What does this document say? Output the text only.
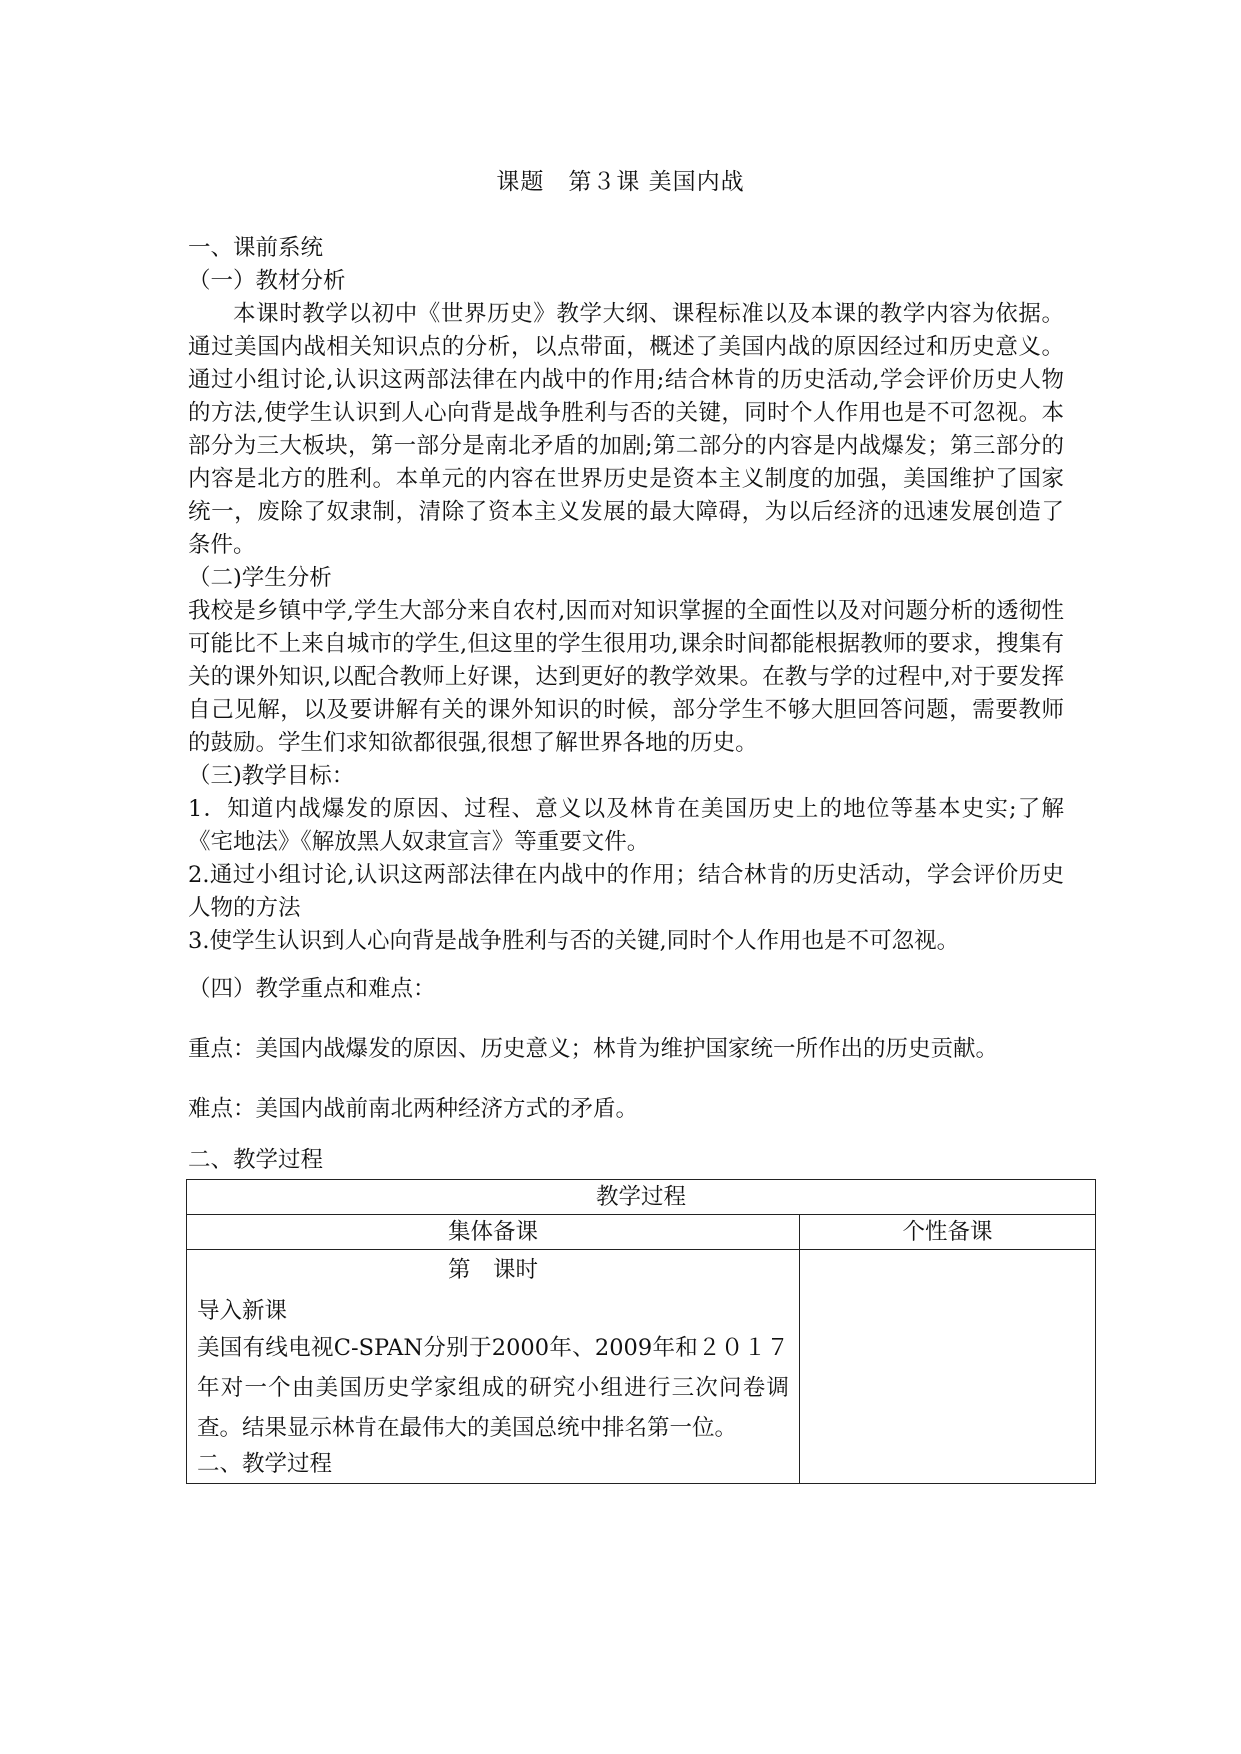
课题　第３课 美国内战

一、课前系统

（一）教材分析

本课时教学以初中《世界历史》教学大纲、课程标准以及本课的教学内容为依据。通过美国内战相关知识点的分析，以点带面，概述了美国内战的原因经过和历史意义。通过小组讨论,认识这两部法律在内战中的作用;结合林肯的历史活动,学会评价历史人物的方法,使学生认识到人心向背是战争胜利与否的关键，同时个人作用也是不可忽视。本部分为三大板块，第一部分是南北矛盾的加剧;第二部分的内容是内战爆发；第三部分的内容是北方的胜利。本单元的内容在世界历史是资本主义制度的加强，美国维护了国家统一，废除了奴隶制，清除了资本主义发展的最大障碍，为以后经济的迅速发展创造了条件。

（二)学生分析

我校是乡镇中学,学生大部分来自农村,因而对知识掌握的全面性以及对问题分析的透彻性可能比不上来自城市的学生,但这里的学生很用功,课余时间都能根据教师的要求，搜集有关的课外知识,以配合教师上好课，达到更好的教学效果。在教与学的过程中,对于要发挥自己见解，以及要讲解有关的课外知识的时候，部分学生不够大胆回答问题，需要教师的鼓励。学生们求知欲都很强,很想了解世界各地的历史。

（三)教学目标：

1．知道内战爆发的原因、过程、意义以及林肯在美国历史上的地位等基本史实;了解《宅地法》《解放黑人奴隶宣言》等重要文件。

2.通过小组讨论,认识这两部法律在内战中的作用；结合林肯的历史活动，学会评价历史人物的方法

3.使学生认识到人心向背是战争胜利与否的关键,同时个人作用也是不可忽视。

（四）教学重点和难点：

重点：美国内战爆发的原因、历史意义；林肯为维护国家统一所作出的历史贡献。

难点：美国内战前南北两种经济方式的矛盾。

二、教学过程

教学过程	
集体备课	个性备课

第　课时
导入新课
美国有线电视C-SPAN分别于2000年、2009年和２０１７年对一个由美国历史学家组成的研究小组进行三次问卷调查。结果显示林肯在最伟大的美国总统中排名第一位。
二、教学过程	
